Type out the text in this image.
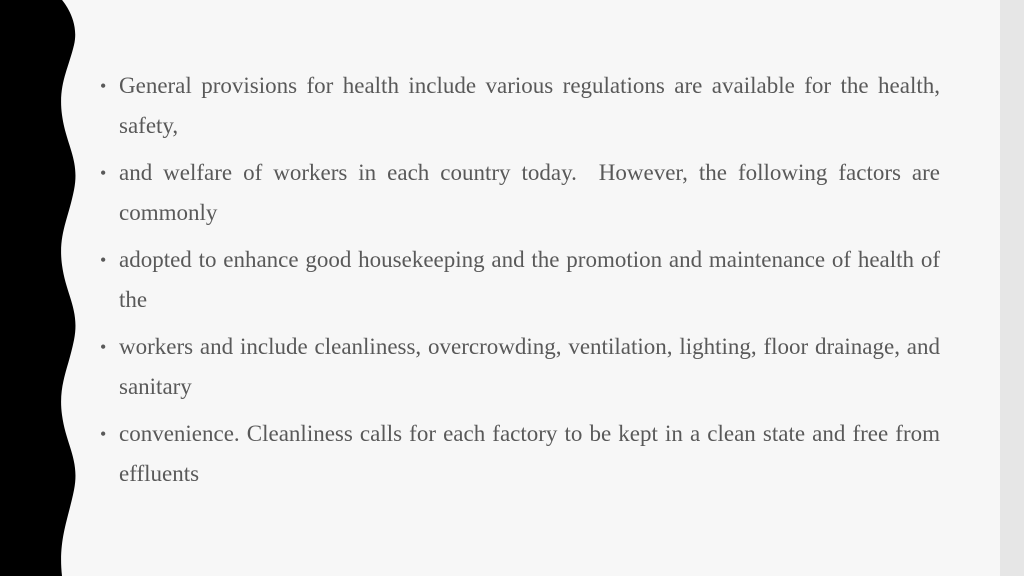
• General provisions for health include various regulations are available for the health, safety,
• and welfare of workers in each country today.  However, the following factors are commonly
• adopted to enhance good housekeeping and the promotion and maintenance of health of the
• workers and include cleanliness, overcrowding, ventilation, lighting, floor drainage, and sanitary
• convenience. Cleanliness calls for each factory to be kept in a clean state and free from effluents
